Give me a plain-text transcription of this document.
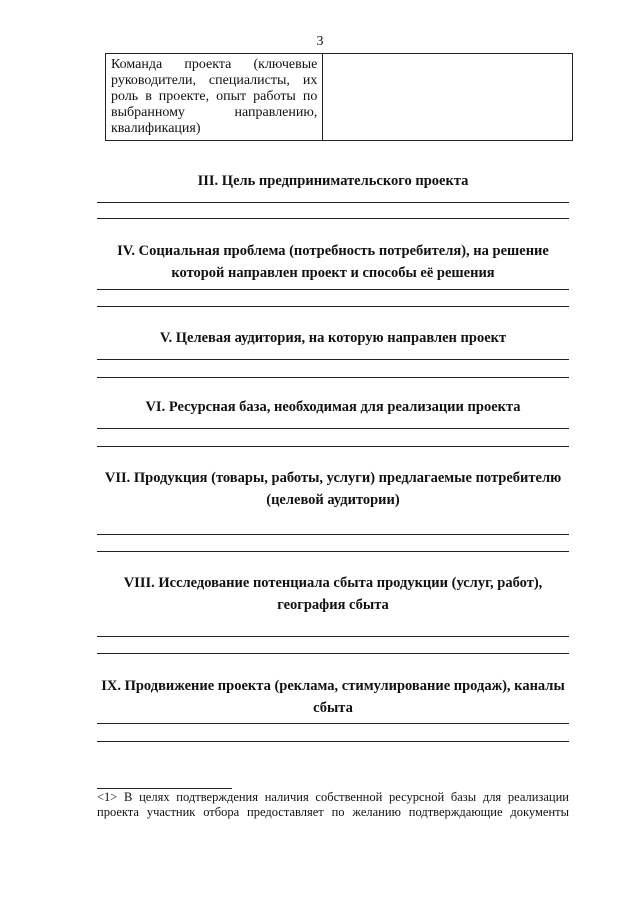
3
Команда проекта (ключевые руководители, специалисты, их роль в проекте, опыт работы по выбранному направлению, квалификация)	

III. Цель предпринимательского проекта

IV. Социальная проблема (потребность потребителя), на решение которой направлен проект и способы её решения

V. Целевая аудитория, на которую направлен проект

VI. Ресурсная база, необходимая для реализации проекта

VII. Продукция (товары, работы, услуги) предлагаемые потребителю (целевой аудитории)

VIII. Исследование потенциала сбыта продукции (услуг, работ), география сбыта

IX. Продвижение проекта (реклама, стимулирование продаж), каналы сбыта

<1> В целях подтверждения наличия собственной ресурсной базы для реализации проекта участник отбора предоставляет по желанию подтверждающие документы
